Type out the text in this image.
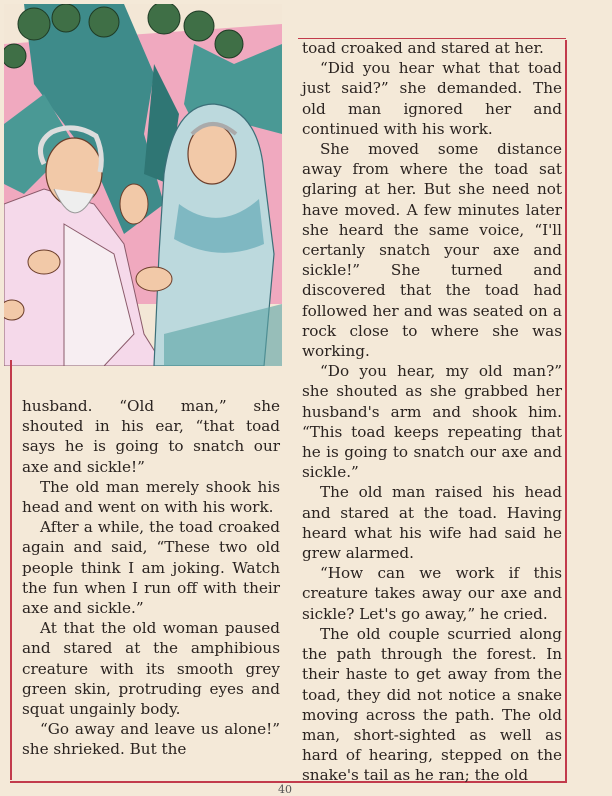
husband. “Old man,” she shouted in his ear, “that toad says he is going to snatch our axe and sickle!”

The old man merely shook his head and went on with his work.

After a while, the toad croaked again and said, “These two old people think I am joking. Watch the fun when I run off with their axe and sickle.”

At that the old woman paused and stared at the amphibious creature with its smooth grey green skin, protruding eyes and squat ungainly body.

“Go away and leave us alone!” she shrieked. But the

toad croaked and stared at her.

“Did you hear what that toad just said?” she demanded. The old man ignored her and continued with his work.

She moved some distance away from where the toad sat glaring at her. But she need not have moved. A few minutes later she heard the same voice, “I'll certanly snatch your axe and sickle!” She turned and discovered that the toad had followed her and was seated on a rock close to where she was working.

“Do you hear, my old man?” she shouted as she grabbed her husband's arm and shook him. “This toad keeps repeating that he is going to snatch our axe and sickle.”

The old man raised his head and stared at the toad. Having heard what his wife had said he grew alarmed.

“How can we work if this creature takes away our axe and sickle? Let's go away,” he cried.

The old couple scurried along the path through the forest. In their haste to get away from the toad, they did not notice a snake moving across the path. The old man, short-sighted as well as hard of hearing, stepped on the snake's tail as he ran; the old

40
